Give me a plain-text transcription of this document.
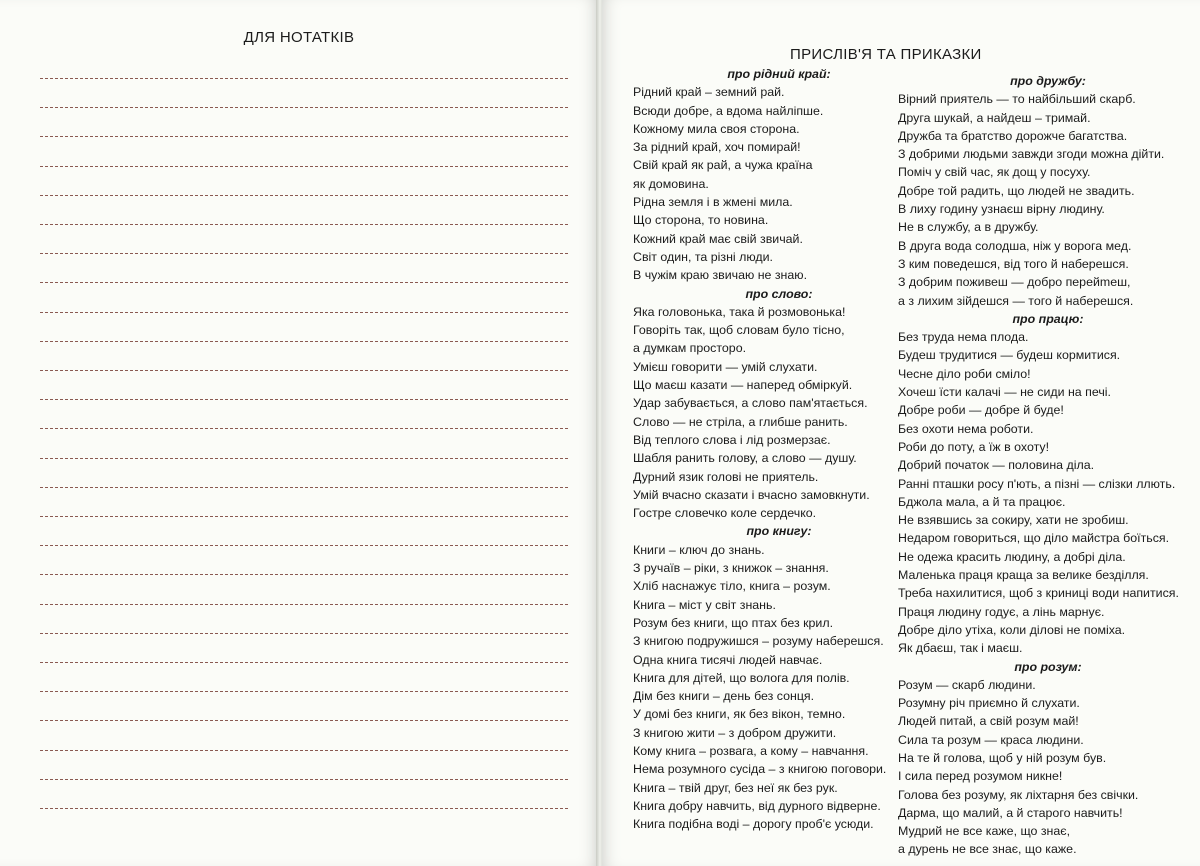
ДЛЯ НОТАТКІВ
ПРИСЛІВ'Я ТА ПРИКАЗКИ
про рідний край:
Рідний край – земний рай.
Всюди добре, а вдома найліпше.
Кожному мила своя сторона.
За рідний край, хоч помирай!
Свій край як рай, а чужа країна
як домовина.
Рідна земля і в жмені мила.
Що сторона, то новина.
Кожний край має свій звичай.
Світ один, та різні люди.
В чужім краю звичаю не знаю.
про слово:
Яка головонька, така й розмовонька!
Говоріть так, щоб словам було тісно,
а думкам просторо.
Умієш говорити — умій слухати.
Що маєш казати — наперед обміркуй.
Удар забувається, а слово пам'ятається.
Слово — не стріла, а глибше ранить.
Від теплого слова і лід розмерзає.
Шабля ранить голову, а слово — душу.
Дурний язик голові не приятель.
Умій вчасно сказати і вчасно замовкнути.
Гостре словечко коле сердечко.
про книгу:
Книги – ключ до знань.
З ручаїв – ріки, з книжок – знання.
Хліб наснажує тіло, книга – розум.
Книга – міст у світ знань.
Розум без книги, що птах без крил.
З книгою подружишся – розуму наберешся.
Одна книга тисячі людей навчає.
Книга для дітей, що волога для полів.
Дім без книги – день без сонця.
У домі без книги, як без вікон, темно.
З книгою жити – з добром дружити.
Кому книга – розвага, а кому – навчання.
Нема розумного сусіда – з книгою поговори.
Книга – твій друг, без неї як без рук.
Книга добру навчить, від дурного відверне.
Книга подібна воді – дорогу проб'є усюди.
про дружбу:
Вірний приятель — то найбільший скарб.
Друга шукай, а найдеш – тримай.
Дружба та братство дорожче багатства.
З добрими людьми завжди згоди можна дійти.
Поміч у свій час, як дощ у посуху.
Добре той радить, що людей не звадить.
В лиху годину узнаєш вірну людину.
Не в службу, а в дружбу.
В друга вода солодша, ніж у ворога мед.
З ким поведешся, від того й наберешся.
З добрим поживеш — добро перейmеш,
а з лихим зійдешся — того й наберешся.
про працю:
Без труда нема плода.
Будеш трудитися — будеш кормитися.
Чесне діло роби сміло!
Хочеш їсти калачі — не сиди на печі.
Добре роби — добре й буде!
Без охоти нема роботи.
Роби до поту, а їж в охоту!
Добрий початок — половина діла.
Ранні пташки росу п'ють, а пізні — слізки ллють.
Бджола мала, а й та працює.
Не взявшись за сокиру, хати не зробиш.
Недаром говориться, що діло майстра боїться.
Не одежа красить людину, а добрі діла.
Маленька праця краща за велике безділля.
Треба нахилитися, щоб з криниці води напитися.
Праця людину годує, а лінь марнує.
Добре діло утіха, коли ділові не поміха.
Як дбаєш, так і маєш.
про розум:
Розум — скарб людини.
Розумну річ приємно й слухати.
Людей питай, а свій розум май!
Сила та розум — краса людини.
На те й голова, щоб у ній розум був.
І сила перед розумом никне!
Голова без розуму, як ліхтарня без свічки.
Дарма, що малий, а й старого навчить!
Мудрий не все каже, що знає,
а дурень не все знає, що каже.
